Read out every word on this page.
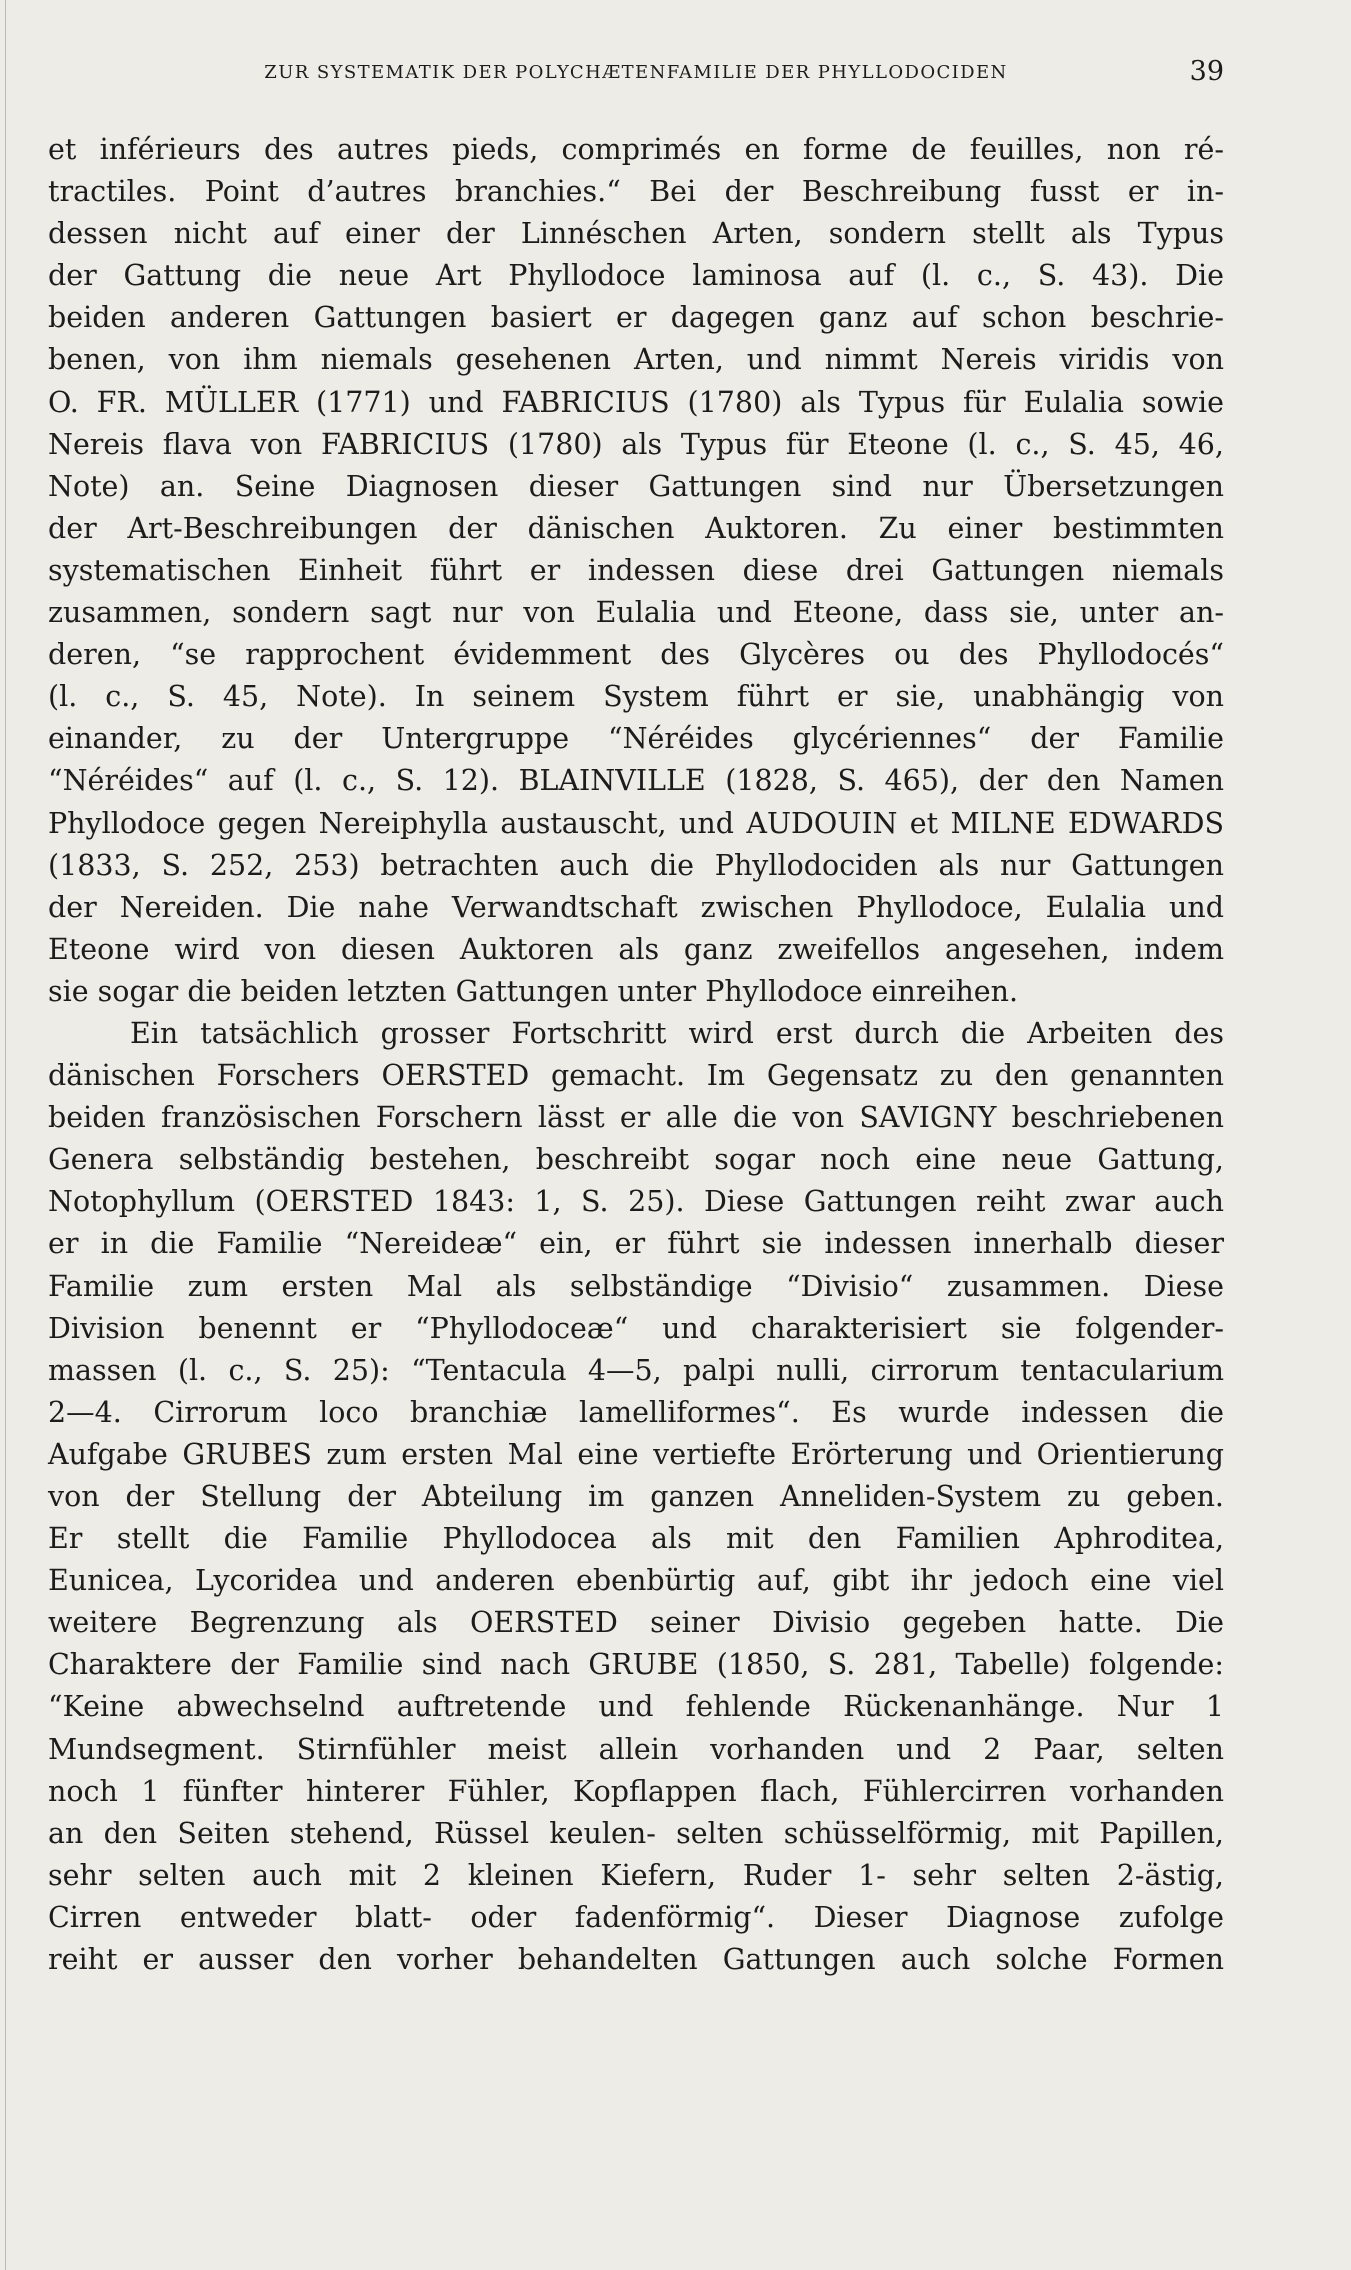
ZUR SYSTEMATIK DER POLYCHÆTENFAMILIE DER PHYLLODOCIDEN	39
et inférieurs des autres pieds, comprimés en forme de feuilles, non ré-
tractiles. Point d’autres branchies.“ Bei der Beschreibung fusst er in-
dessen nicht auf einer der Linnéschen Arten, sondern stellt als Typus
der Gattung die neue Art Phyllodoce laminosa auf (l. c., S. 43). Die
beiden anderen Gattungen basiert er dagegen ganz auf schon beschrie-
benen, von ihm niemals gesehenen Arten, und nimmt Nereis viridis von
O. FR. MÜLLER (1771) und FABRICIUS (1780) als Typus für Eulalia sowie
Nereis flava von FABRICIUS (1780) als Typus für Eteone (l. c., S. 45, 46,
Note) an. Seine Diagnosen dieser Gattungen sind nur Übersetzungen
der Art-Beschreibungen der dänischen Auktoren. Zu einer bestimmten
systematischen Einheit führt er indessen diese drei Gattungen niemals
zusammen, sondern sagt nur von Eulalia und Eteone, dass sie, unter an-
deren, “se rapprochent évidemment des Glycères ou des Phyllodocés“
(l. c., S. 45, Note). In seinem System führt er sie, unabhängig von
einander, zu der Untergruppe “Néréides glycériennes“ der Familie
“Néréides“ auf (l. c., S. 12). BLAINVILLE (1828, S. 465), der den Namen
Phyllodoce gegen Nereiphylla austauscht, und AUDOUIN et MILNE EDWARDS
(1833, S. 252, 253) betrachten auch die Phyllodociden als nur Gattungen
der Nereiden. Die nahe Verwandtschaft zwischen Phyllodoce, Eulalia und
Eteone wird von diesen Auktoren als ganz zweifellos angesehen, indem
sie sogar die beiden letzten Gattungen unter Phyllodoce einreihen.
Ein tatsächlich grosser Fortschritt wird erst durch die Arbeiten des
dänischen Forschers OERSTED gemacht. Im Gegensatz zu den genannten
beiden französischen Forschern lässt er alle die von SAVIGNY beschriebenen
Genera selbständig bestehen, beschreibt sogar noch eine neue Gattung,
Notophyllum (OERSTED 1843: 1, S. 25). Diese Gattungen reiht zwar auch
er in die Familie “Nereideæ“ ein, er führt sie indessen innerhalb dieser
Familie zum ersten Mal als selbständige “Divisio“ zusammen. Diese
Division benennt er “Phyllodoceæ“ und charakterisiert sie folgender-
massen (l. c., S. 25): “Tentacula 4—5, palpi nulli, cirrorum tentacularium
2—4. Cirrorum loco branchiæ lamelliformes“. Es wurde indessen die
Aufgabe GRUBES zum ersten Mal eine vertiefte Erörterung und Orientierung
von der Stellung der Abteilung im ganzen Anneliden-System zu geben.
Er stellt die Familie Phyllodocea als mit den Familien Aphroditea,
Eunicea, Lycoridea und anderen ebenbürtig auf, gibt ihr jedoch eine viel
weitere Begrenzung als OERSTED seiner Divisio gegeben hatte. Die
Charaktere der Familie sind nach GRUBE (1850, S. 281, Tabelle) folgende:
“Keine abwechselnd auftretende und fehlende Rückenanhänge. Nur 1
Mundsegment. Stirnfühler meist allein vorhanden und 2 Paar, selten
noch 1 fünfter hinterer Fühler, Kopflappen flach, Fühlercirren vorhanden
an den Seiten stehend, Rüssel keulen- selten schüsselförmig, mit Papillen,
sehr selten auch mit 2 kleinen Kiefern, Ruder 1- sehr selten 2-ästig,
Cirren entweder blatt- oder fadenförmig“. Dieser Diagnose zufolge
reiht er ausser den vorher behandelten Gattungen auch solche Formen
